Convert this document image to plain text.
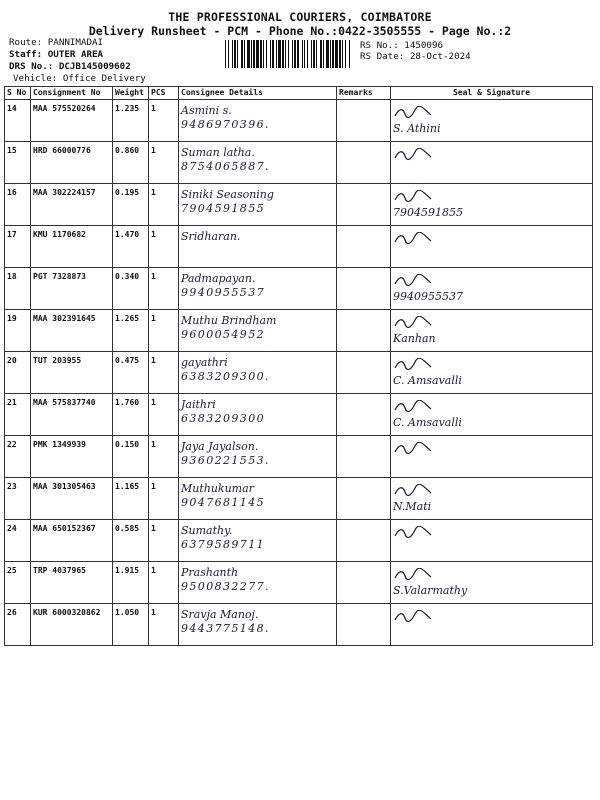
THE PROFESSIONAL COURIERS, COIMBATORE
Delivery Runsheet - PCM - Phone No.:0422-3505555 - Page No.:2
Route: PANNIMADAI
Staff: OUTER AREA
DRS No.: DCJB145009602
RS No.: 1450096
RS Date: 28-Oct-2024
Vehicle: Office Delivery
S No	Consignment No	Weight	PCS	Consignee Details	Remarks	Seal & Signature
14	MAA 575520264	1.235	1	Asmini s.
9486970396.		S. Athini

15	HRD 66000776	0.860	1	Suman latha.
8754065887.

16	MAA 302224157	0.195	1	Siniki Seasoning
7904591855		7904591855

17	KMU 1170682	1.470	1	Sridharan.

18	PGT 7328873	0.340	1	Padmapayan.
9940955537		9940955537

19	MAA 302391645	1.265	1	Muthu Brindham
9600054952		Kanhan

20	TUT 203955	0.475	1	gayathri
6383209300.		C. Amsavalli

21	MAA 575837740	1.760	1	Jaithri
6383209300		C. Amsavalli

22	PMK 1349939	0.150	1	Jaya Jayalson.
9360221553.

23	MAA 301305463	1.165	1	Muthukumar
9047681145		N.Mati

24	MAA 650152367	0.585	1	Sumathy.
6379589711

25	TRP 4037965	1.915	1	Prashanth
9500832277.		S.Valarmathy

26	KUR 6000320862	1.050	1	Sravja Manoj.
9443775148.
